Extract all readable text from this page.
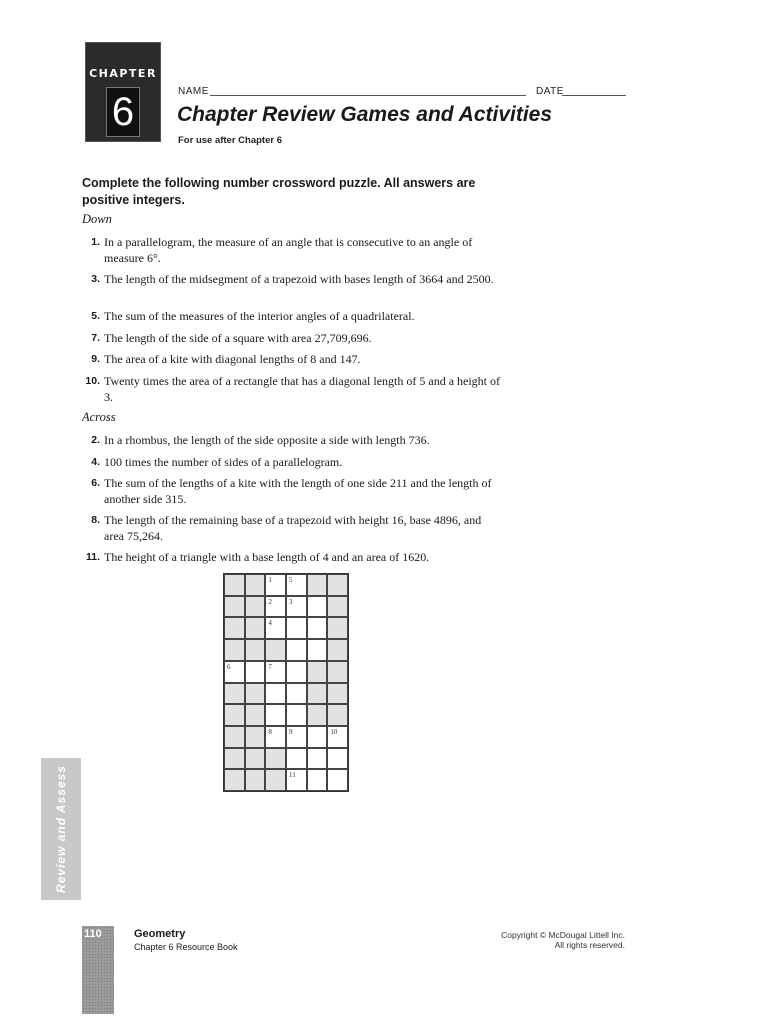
CHAPTER
6	NAME	DATE
Chapter Review Games and Activities
For use after Chapter 6
Complete the following number crossword puzzle. All answers are positive integers.
Down
1. In a parallelogram, the measure of an angle that is consecutive to an angle of measure 6°.
3. The length of the midsegment of a trapezoid with bases length of 3664 and 2500.
5. The sum of the measures of the interior angles of a quadrilateral.
7. The length of the side of a square with area 27,709,696.
9. The area of a kite with diagonal lengths of 8 and 147.
10. Twenty times the area of a rectangle that has a diagonal length of 5 and a height of 3.
Across
2. In a rhombus, the length of the side opposite a side with length 736.
4. 100 times the number of sides of a parallelogram.
6. The sum of the lengths of a kite with the length of one side 211 and the length of another side 315.
8. The length of the remaining base of a trapezoid with height 16, base 4896, and area 75,264.
11. The height of a triangle with a base length of 4 and an area of 1620.
1 5
2 3
4
6	7
8 9	10
11
Review and Assess
110	Geometry
Chapter 6 Resource Book
Copyright © McDougal Littell Inc.
All rights reserved.
